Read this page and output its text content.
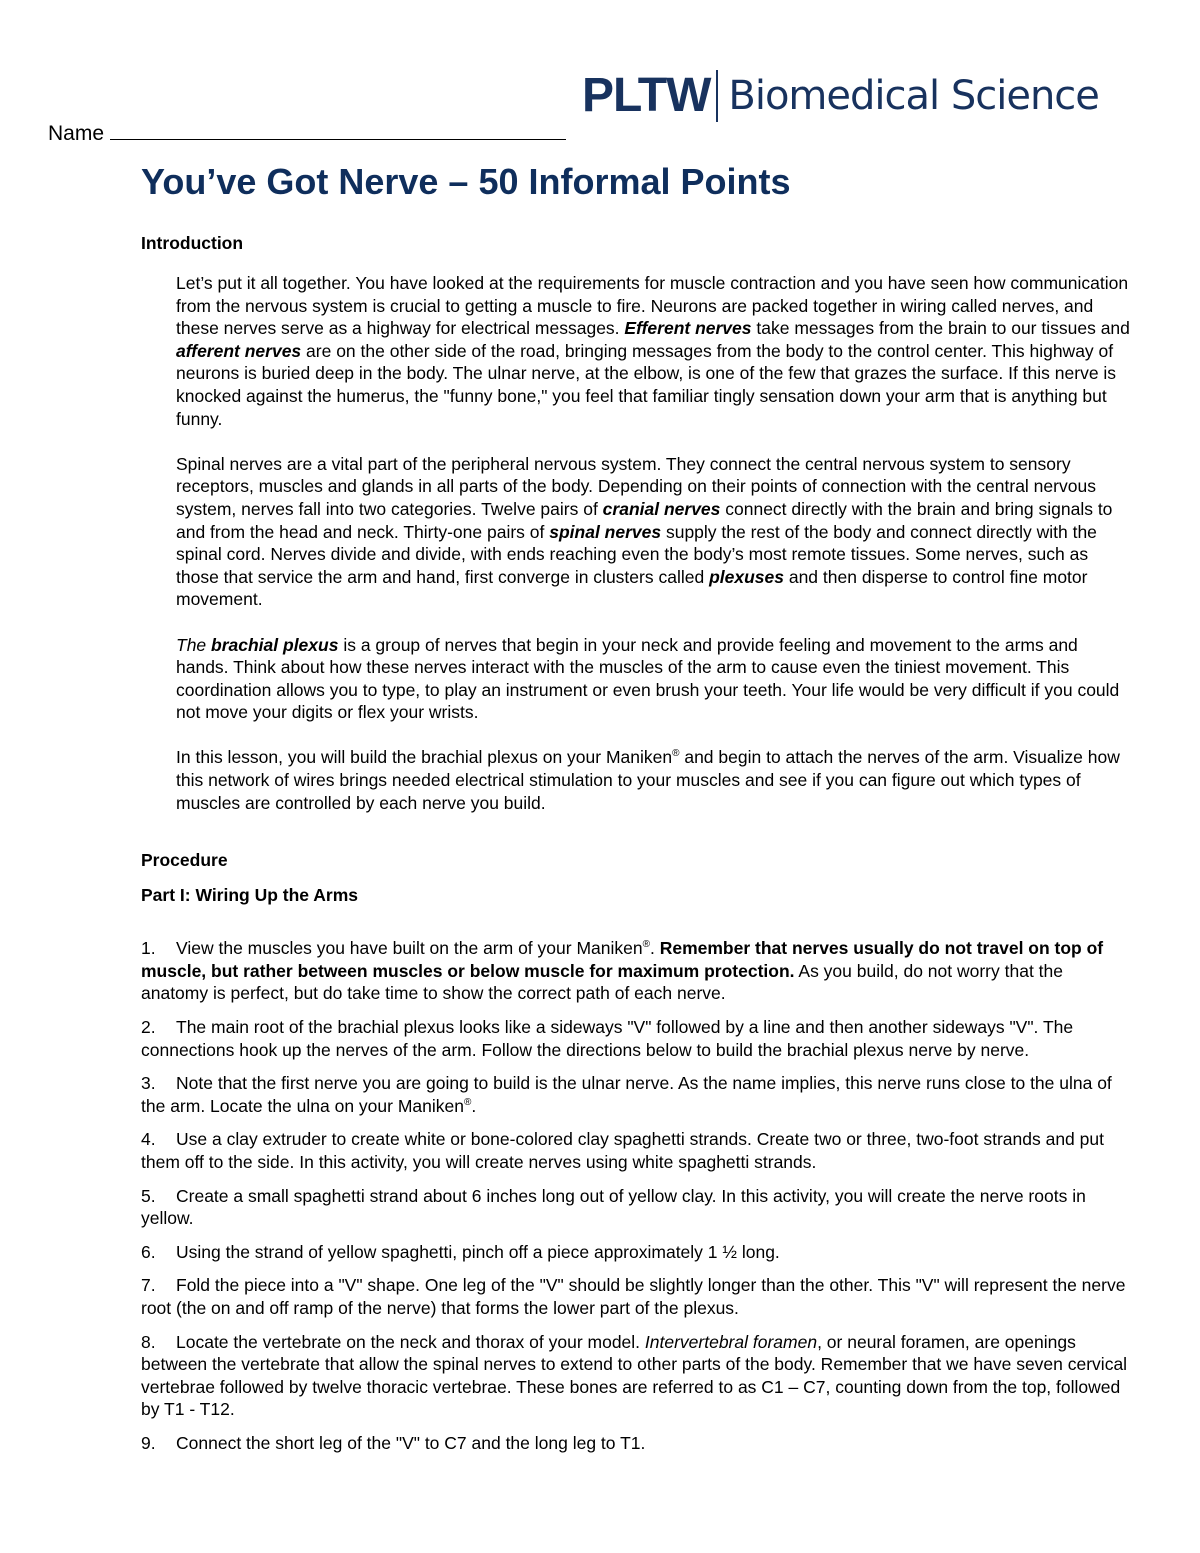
PLTW Biomedical Science
Name
You’ve Got Nerve – 50 Informal Points

Introduction

Let’s put it all together. You have looked at the requirements for muscle contraction and you have seen how communication from the nervous system is crucial to getting a muscle to fire. Neurons are packed together in wiring called nerves, and these nerves serve as a highway for electrical messages. Efferent nerves take messages from the brain to our tissues and afferent nerves are on the other side of the road, bringing messages from the body to the control center. This highway of neurons is buried deep in the body. The ulnar nerve, at the elbow, is one of the few that grazes the surface. If this nerve is knocked against the humerus, the "funny bone," you feel that familiar tingly sensation down your arm that is anything but funny.

Spinal nerves are a vital part of the peripheral nervous system. They connect the central nervous system to sensory receptors, muscles and glands in all parts of the body. Depending on their points of connection with the central nervous system, nerves fall into two categories. Twelve pairs of cranial nerves connect directly with the brain and bring signals to and from the head and neck. Thirty-one pairs of spinal nerves supply the rest of the body and connect directly with the spinal cord. Nerves divide and divide, with ends reaching even the body’s most remote tissues. Some nerves, such as those that service the arm and hand, first converge in clusters called plexuses and then disperse to control fine motor movement.

The brachial plexus is a group of nerves that begin in your neck and provide feeling and movement to the arms and hands. Think about how these nerves interact with the muscles of the arm to cause even the tiniest movement. This coordination allows you to type, to play an instrument or even brush your teeth. Your life would be very difficult if you could not move your digits or flex your wrists.

In this lesson, you will build the brachial plexus on your Maniken® and begin to attach the nerves of the arm. Visualize how this network of wires brings needed electrical stimulation to your muscles and see if you can figure out which types of muscles are controlled by each nerve you build.

Procedure

Part I: Wiring Up the Arms

1. View the muscles you have built on the arm of your Maniken®. Remember that nerves usually do not travel on top of muscle, but rather between muscles or below muscle for maximum protection. As you build, do not worry that the anatomy is perfect, but do take time to show the correct path of each nerve.
2. The main root of the brachial plexus looks like a sideways "V" followed by a line and then another sideways "V". The connections hook up the nerves of the arm. Follow the directions below to build the brachial plexus nerve by nerve.
3. Note that the first nerve you are going to build is the ulnar nerve. As the name implies, this nerve runs close to the ulna of the arm. Locate the ulna on your Maniken®.
4. Use a clay extruder to create white or bone-colored clay spaghetti strands. Create two or three, two-foot strands and put them off to the side. In this activity, you will create nerves using white spaghetti strands.
5. Create a small spaghetti strand about 6 inches long out of yellow clay. In this activity, you will create the nerve roots in yellow.
6. Using the strand of yellow spaghetti, pinch off a piece approximately 1 ½ long.
7. Fold the piece into a "V" shape. One leg of the "V" should be slightly longer than the other. This "V" will represent the nerve root (the on and off ramp of the nerve) that forms the lower part of the plexus.
8. Locate the vertebrate on the neck and thorax of your model. Intervertebral foramen, or neural foramen, are openings between the vertebrate that allow the spinal nerves to extend to other parts of the body. Remember that we have seven cervical vertebrae followed by twelve thoracic vertebrae. These bones are referred to as C1 – C7, counting down from the top, followed by T1 - T12.
9. Connect the short leg of the "V" to C7 and the long leg to T1.
